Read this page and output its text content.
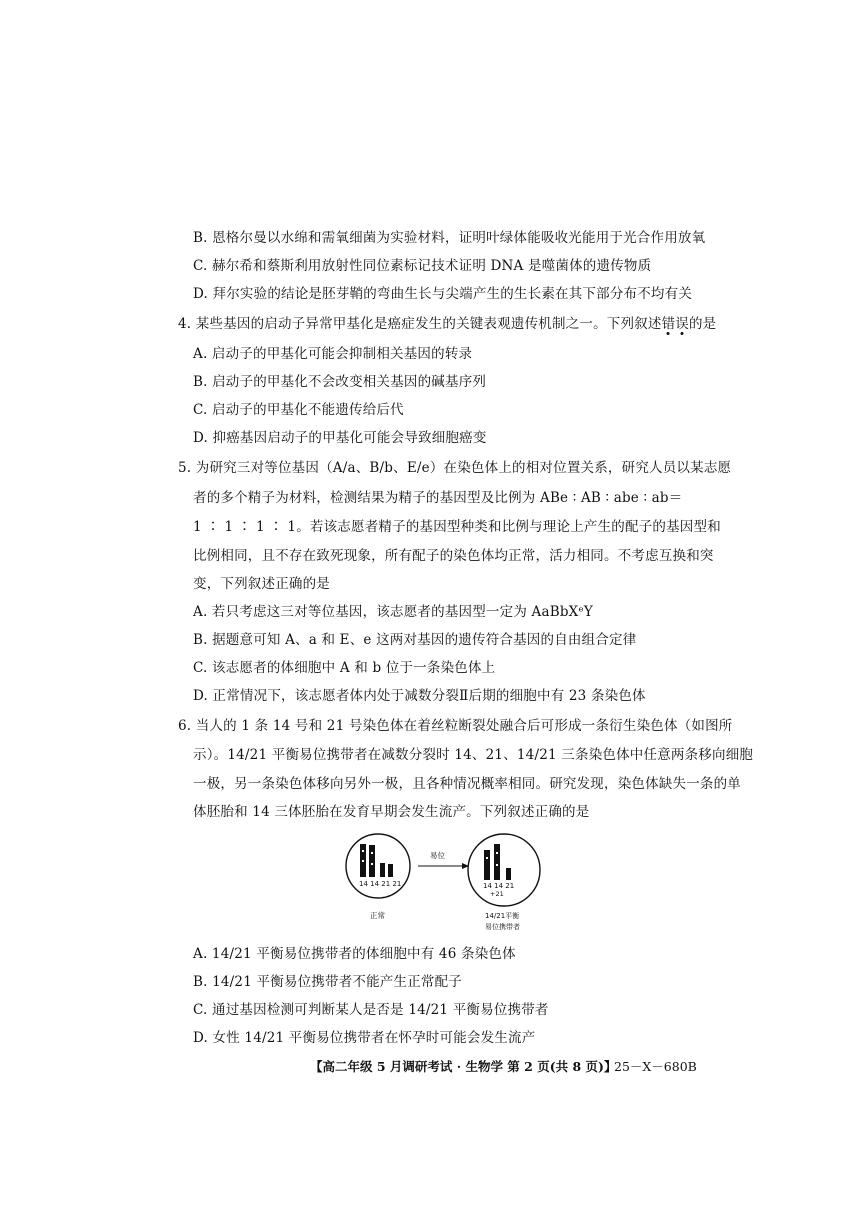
B. 恩格尔曼以水绵和需氧细菌为实验材料，证明叶绿体能吸收光能用于光合作用放氧
C. 赫尔希和蔡斯利用放射性同位素标记技术证明 DNA 是噬菌体的遗传物质
D. 拜尔实验的结论是胚芽鞘的弯曲生长与尖端产生的生长素在其下部分布不均有关
4. 某些基因的启动子异常甲基化是癌症发生的关键表观遗传机制之一。下列叙述错误的是
A. 启动子的甲基化可能会抑制相关基因的转录
B. 启动子的甲基化不会改变相关基因的碱基序列
C. 启动子的甲基化不能遗传给后代
D. 抑癌基因启动子的甲基化可能会导致细胞癌变
5. 为研究三对等位基因（A/a、B/b、E/e）在染色体上的相对位置关系，研究人员以某志愿
者的多个精子为材料，检测结果为精子的基因型及比例为 ABe ∶ AB ∶ abe ∶ ab＝
1 ∶ 1 ∶ 1 ∶ 1。若该志愿者精子的基因型种类和比例与理论上产生的配子的基因型和
比例相同，且不存在致死现象，所有配子的染色体均正常，活力相同。不考虑互换和突
变，下列叙述正确的是
A. 若只考虑这三对等位基因，该志愿者的基因型一定为 AaBbXᵉY
B. 据题意可知 A、a 和 E、e 这两对基因的遗传符合基因的自由组合定律
C. 该志愿者的体细胞中 A 和 b 位于一条染色体上
D. 正常情况下，该志愿者体内处于减数分裂Ⅱ后期的细胞中有 23 条染色体
6. 当人的 1 条 14 号和 21 号染色体在着丝粒断裂处融合后可形成一条衍生染色体（如图所
示）。14/21 平衡易位携带者在减数分裂时 14、21、14/21 三条染色体中任意两条移向细胞
一极，另一条染色体移向另外一极，且各种情况概率相同。研究发现，染色体缺失一条的单
体胚胎和 14 三体胚胎在发育早期会发生流产。下列叙述正确的是
14 14 21 21
正常
易位
14 14 21
+21
14/21平衡
易位携带者
A. 14/21 平衡易位携带者的体细胞中有 46 条染色体
B. 14/21 平衡易位携带者不能产生正常配子
C. 通过基因检测可判断某人是否是 14/21 平衡易位携带者
D. 女性 14/21 平衡易位携带者在怀孕时可能会发生流产
【高二年级 5 月调研考试 · 生物学 第 2 页(共 8 页)】
25－X－680B
